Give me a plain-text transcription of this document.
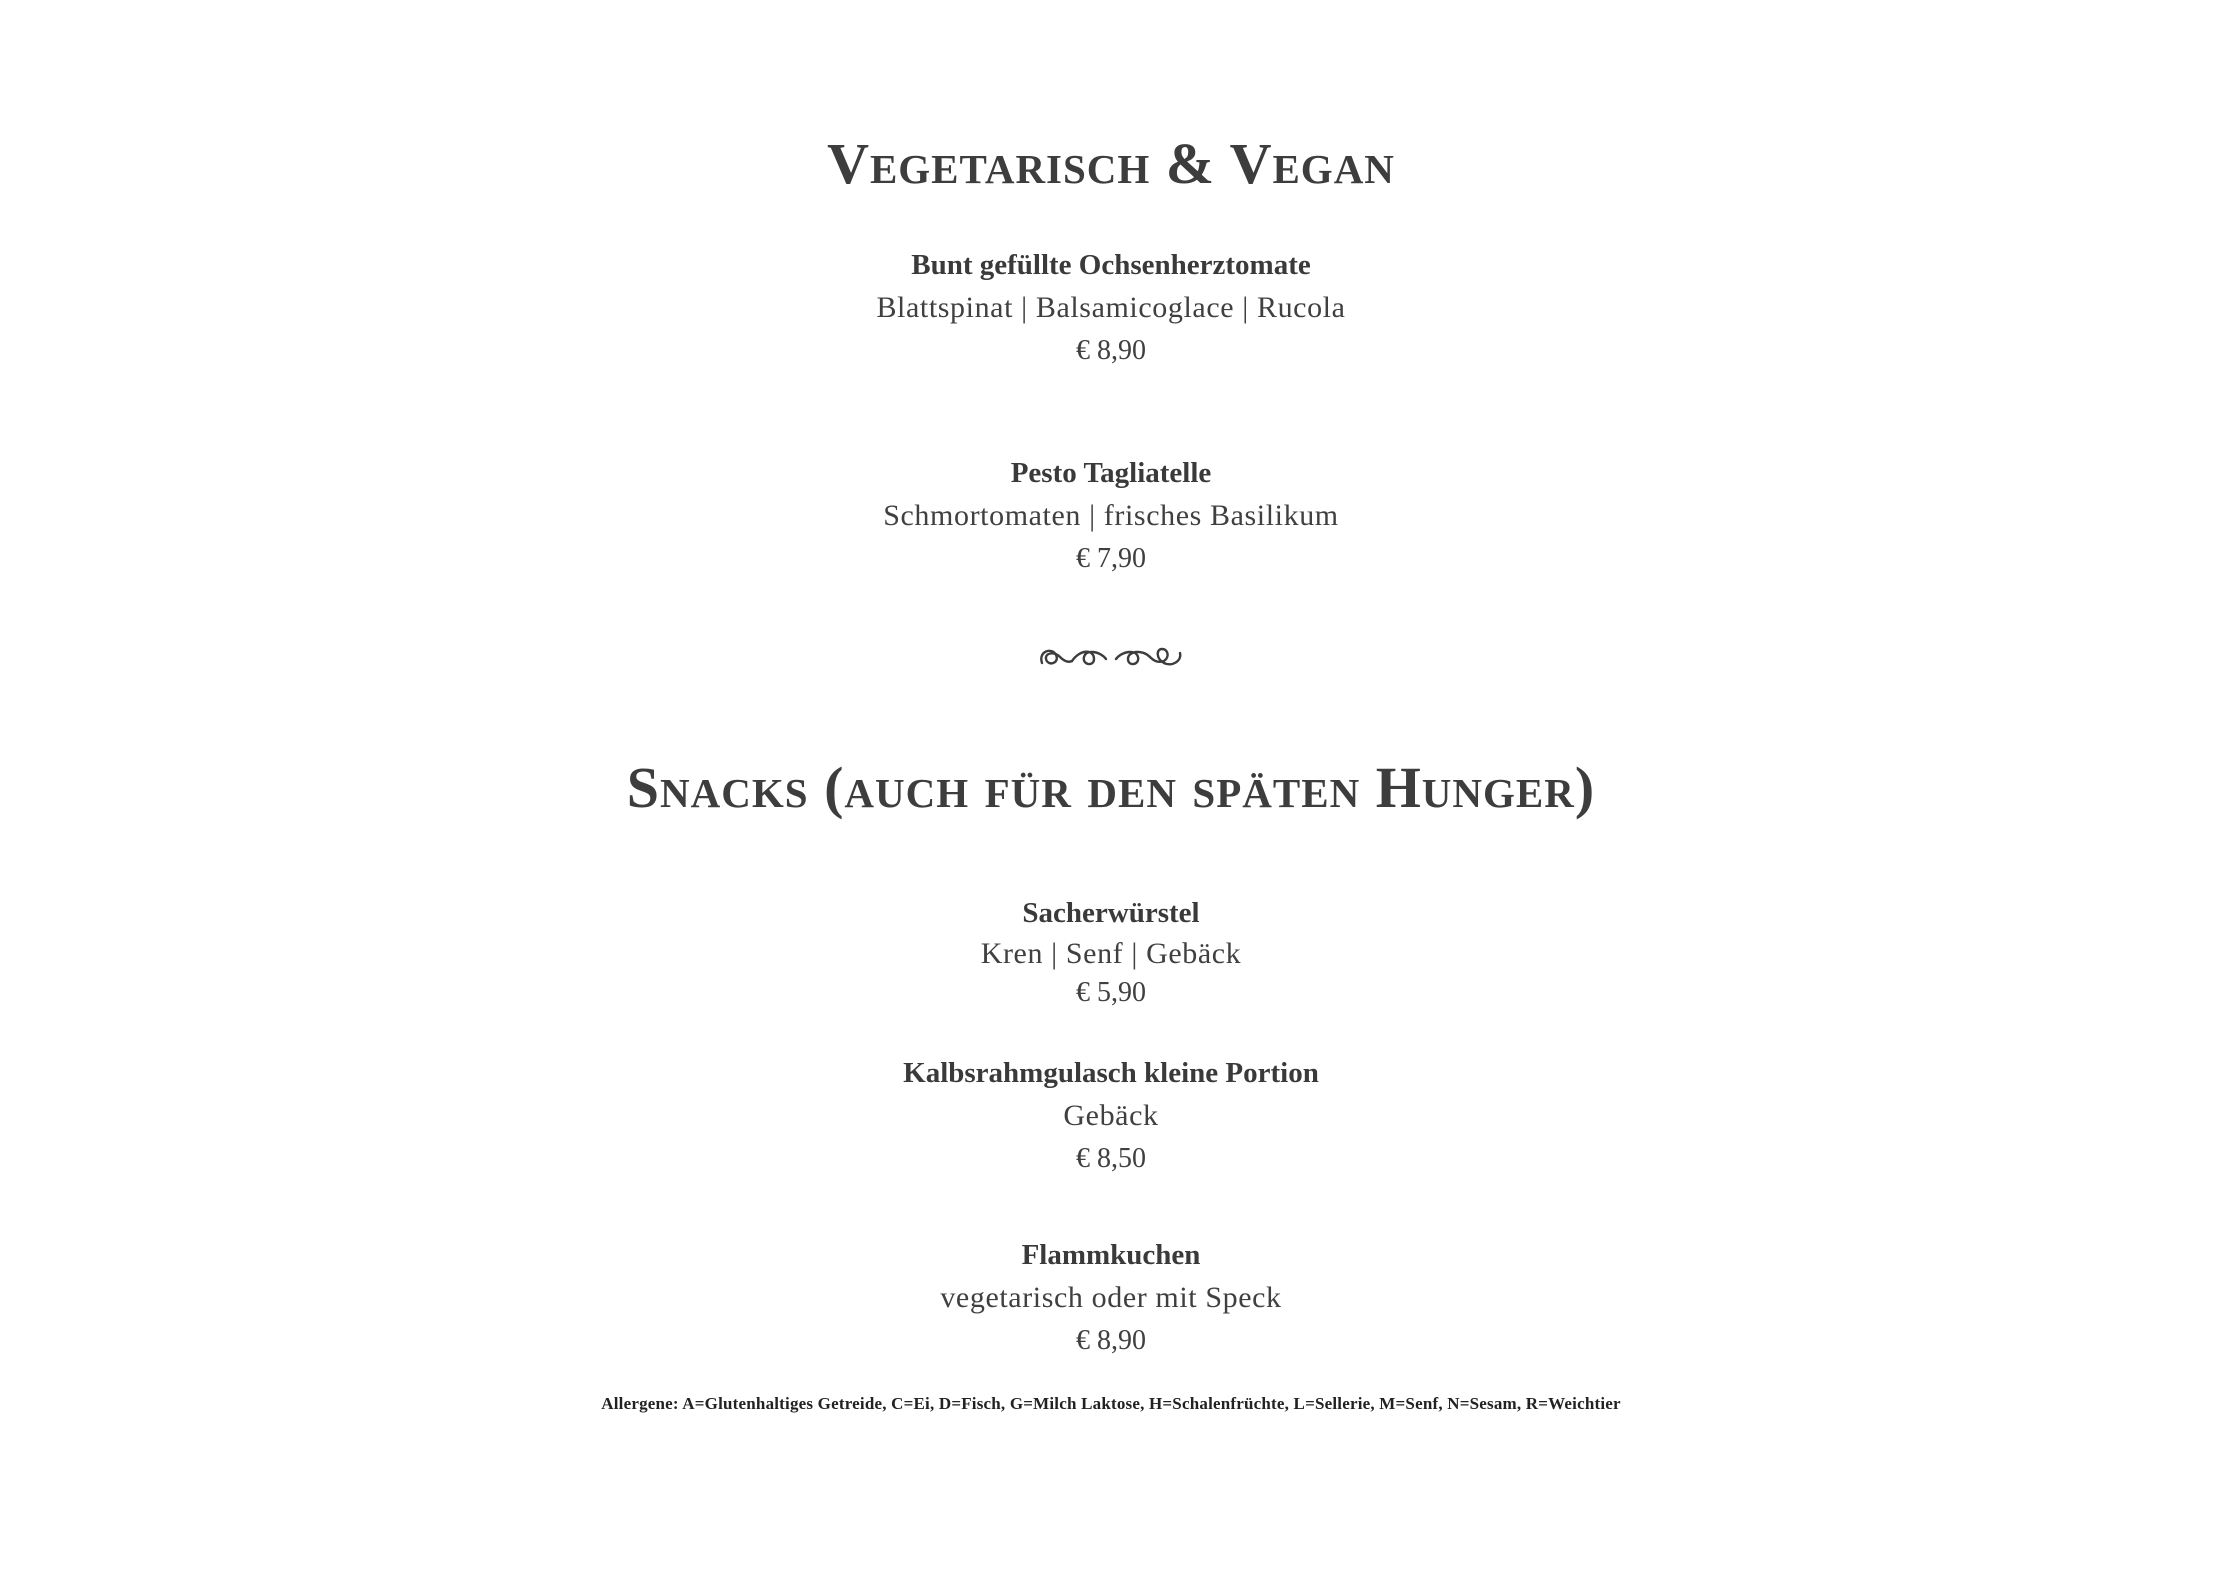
Vegetarisch & Vegan
Bunt gefüllte Ochsenherztomate
Blattspinat | Balsamicoglace | Rucola
€ 8,90
Pesto Tagliatelle
Schmortomaten | frisches Basilikum
€ 7,90
Snacks (auch für den späten Hunger)
Sacherwürstel
Kren | Senf | Gebäck
€ 5,90
Kalbsrahmgulasch kleine Portion
Gebäck
€ 8,50
Flammkuchen
vegetarisch oder mit Speck
€ 8,90
Allergene: A=Glutenhaltiges Getreide, C=Ei, D=Fisch, G=Milch Laktose, H=Schalenfrüchte, L=Sellerie, M=Senf, N=Sesam, R=Weichtier
